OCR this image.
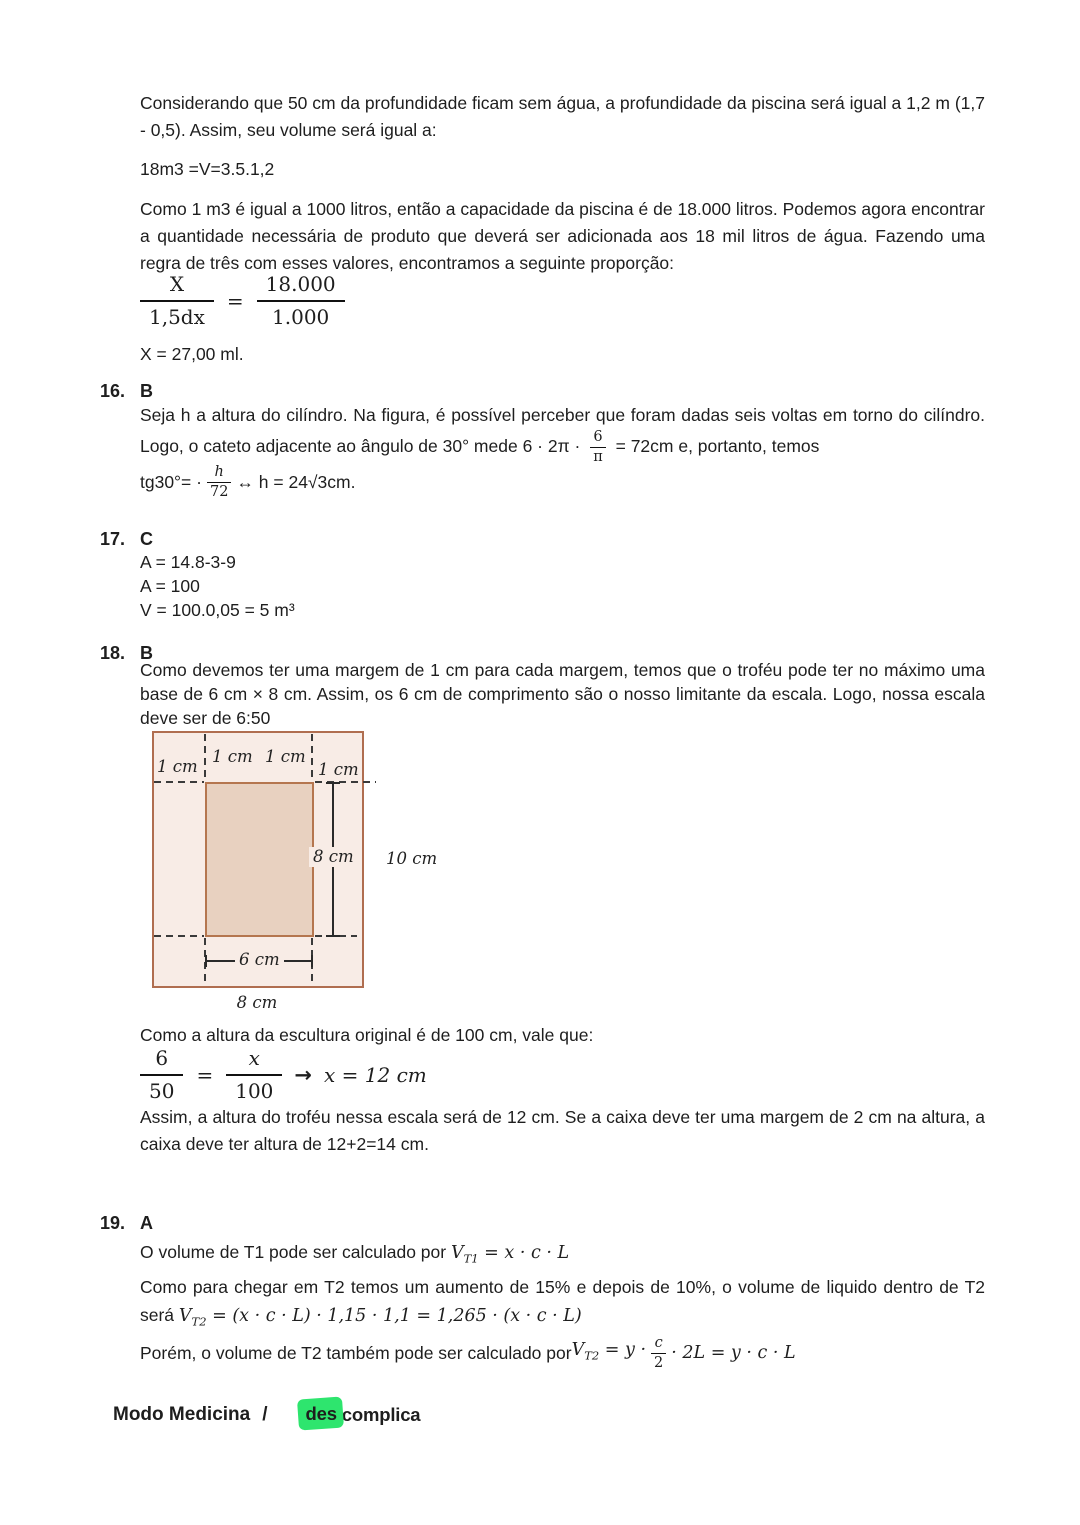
Considerando que 50 cm da profundidade ficam sem água, a profundidade da piscina será igual a 1,2 m (1,7 - 0,5). Assim, seu volume será igual a:
18m3 =V=3.5.1,2
Como 1 m3 é igual a 1000 litros, então a capacidade da piscina é de 18.000 litros. Podemos agora encontrar a quantidade necessária de produto que deverá ser adicionada aos 18 mil litros de água. Fazendo uma regra de três com esses valores, encontramos a seguinte proporção:
$\frac{X}{1,5dx} = \frac{18.000}{1.000}$
X = 27,00 ml.
16. B
Seja h a altura do cilíndro. Na figura, é possível perceber que foram dadas seis voltas em torno do cilíndro. Logo, o cateto adjacente ao ângulo de 30° mede $6 \cdot 2\pi \cdot \frac{6}{\pi} = 72cm$ e, portanto, temos
$tg30^\circ= \cdot \frac{h}{72}$ ↔ h = 24√3cm.
17. C
A = 14.8-3-9
A = 100
V = 100.0,05 = 5 m³
18. B
Como devemos ter uma margem de 1 cm para cada margem, temos que o troféu pode ter no máximo uma base de 6 cm × 8 cm. Assim, os 6 cm de comprimento são o nosso limitante da escala. Logo, nossa escala deve ser de 6:50
8 cm
6 cm
1 cm
1 cm 1 cm
1 cm
10 cm
8 cm
Como a altura da escultura original é de 100 cm, vale que:
$\frac{6}{50} = \frac{x}{100} \to x = 12$ cm
Assim, a altura do troféu nessa escala será de 12 cm. Se a caixa deve ter uma margem de 2 cm na altura, a caixa deve ter altura de 12+2=14 cm.
19. A
O volume de T1 pode ser calculado por $V_{T1} = x \cdot c \cdot L$
Como para chegar em T2 temos um aumento de 15% e depois de 10%, o volume de liquido dentro de T2 será $V_{T2} = (x \cdot c \cdot L) \cdot 1,15 \cdot 1,1 = 1,265 \cdot (x \cdot c \cdot L)$
Porém, o volume de T2 também pode ser calculado por $V_{T2} = y \cdot \frac{c}{2} \cdot 2L = y \cdot c \cdot L$
Modo Medicina /	des complica
